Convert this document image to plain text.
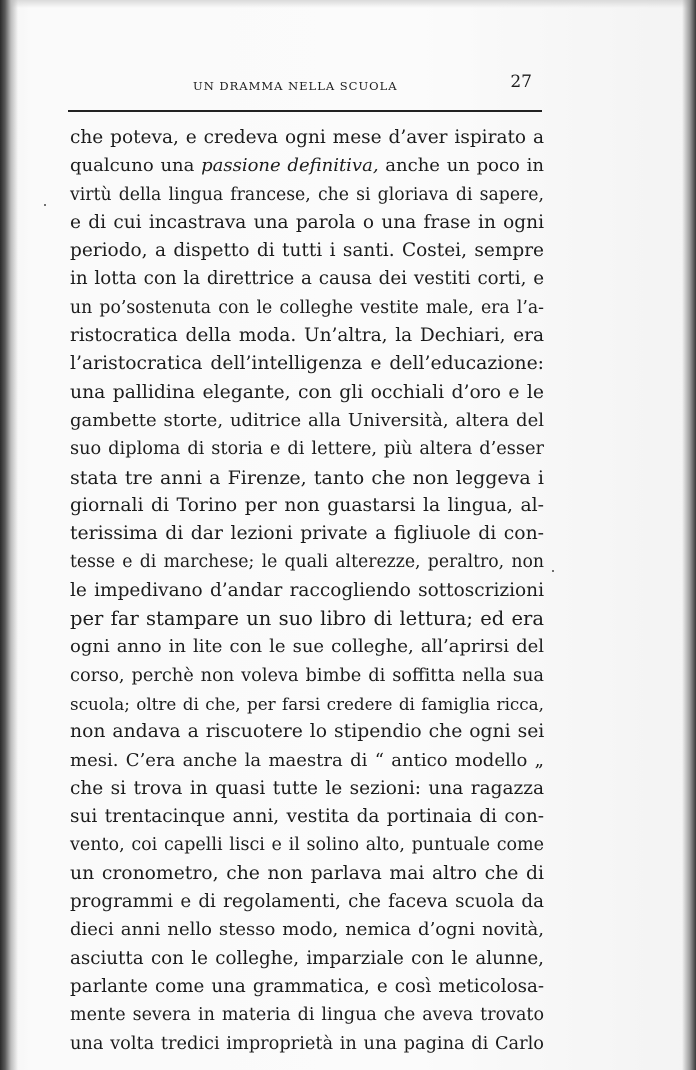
UN DRAMMA NELLA SCUOLA	27
che poteva, e credeva ogni mese d’aver ispirato a
qualcuno una passione definitiva, anche un poco in
virtù della lingua francese, che si gloriava di sapere,
e di cui incastrava una parola o una frase in ogni
periodo, a dispetto di tutti i santi. Costei, sempre
in lotta con la direttrice a causa dei vestiti corti, e
un po’sostenuta con le colleghe vestite male, era l’a-
ristocratica della moda. Un’altra, la Dechiari, era
l’aristocratica dell’intelligenza e dell’educazione:
una pallidina elegante, con gli occhiali d’oro e le
gambette storte, uditrice alla Università, altera del
suo diploma di storia e di lettere, più altera d’esser
stata tre anni a Firenze, tanto che non leggeva i
giornali di Torino per non guastarsi la lingua, al-
terissima di dar lezioni private a figliuole di con-
tesse e di marchese; le quali alterezze, peraltro, non
le impedivano d’andar raccogliendo sottoscrizioni
per far stampare un suo libro di lettura; ed era
ogni anno in lite con le sue colleghe, all’aprirsi del
corso, perchè non voleva bimbe di soffitta nella sua
scuola; oltre di che, per farsi credere di famiglia ricca,
non andava a riscuotere lo stipendio che ogni sei
mesi. C’era anche la maestra di “ antico modello „
che si trova in quasi tutte le sezioni: una ragazza
sui trentacinque anni, vestita da portinaia di con-
vento, coi capelli lisci e il solino alto, puntuale come
un cronometro, che non parlava mai altro che di
programmi e di regolamenti, che faceva scuola da
dieci anni nello stesso modo, nemica d’ogni novità,
asciutta con le colleghe, imparziale con le alunne,
parlante come una grammatica, e così meticolosa-
mente severa in materia di lingua che aveva trovato
una volta tredici improprietà in una pagina di Carlo
